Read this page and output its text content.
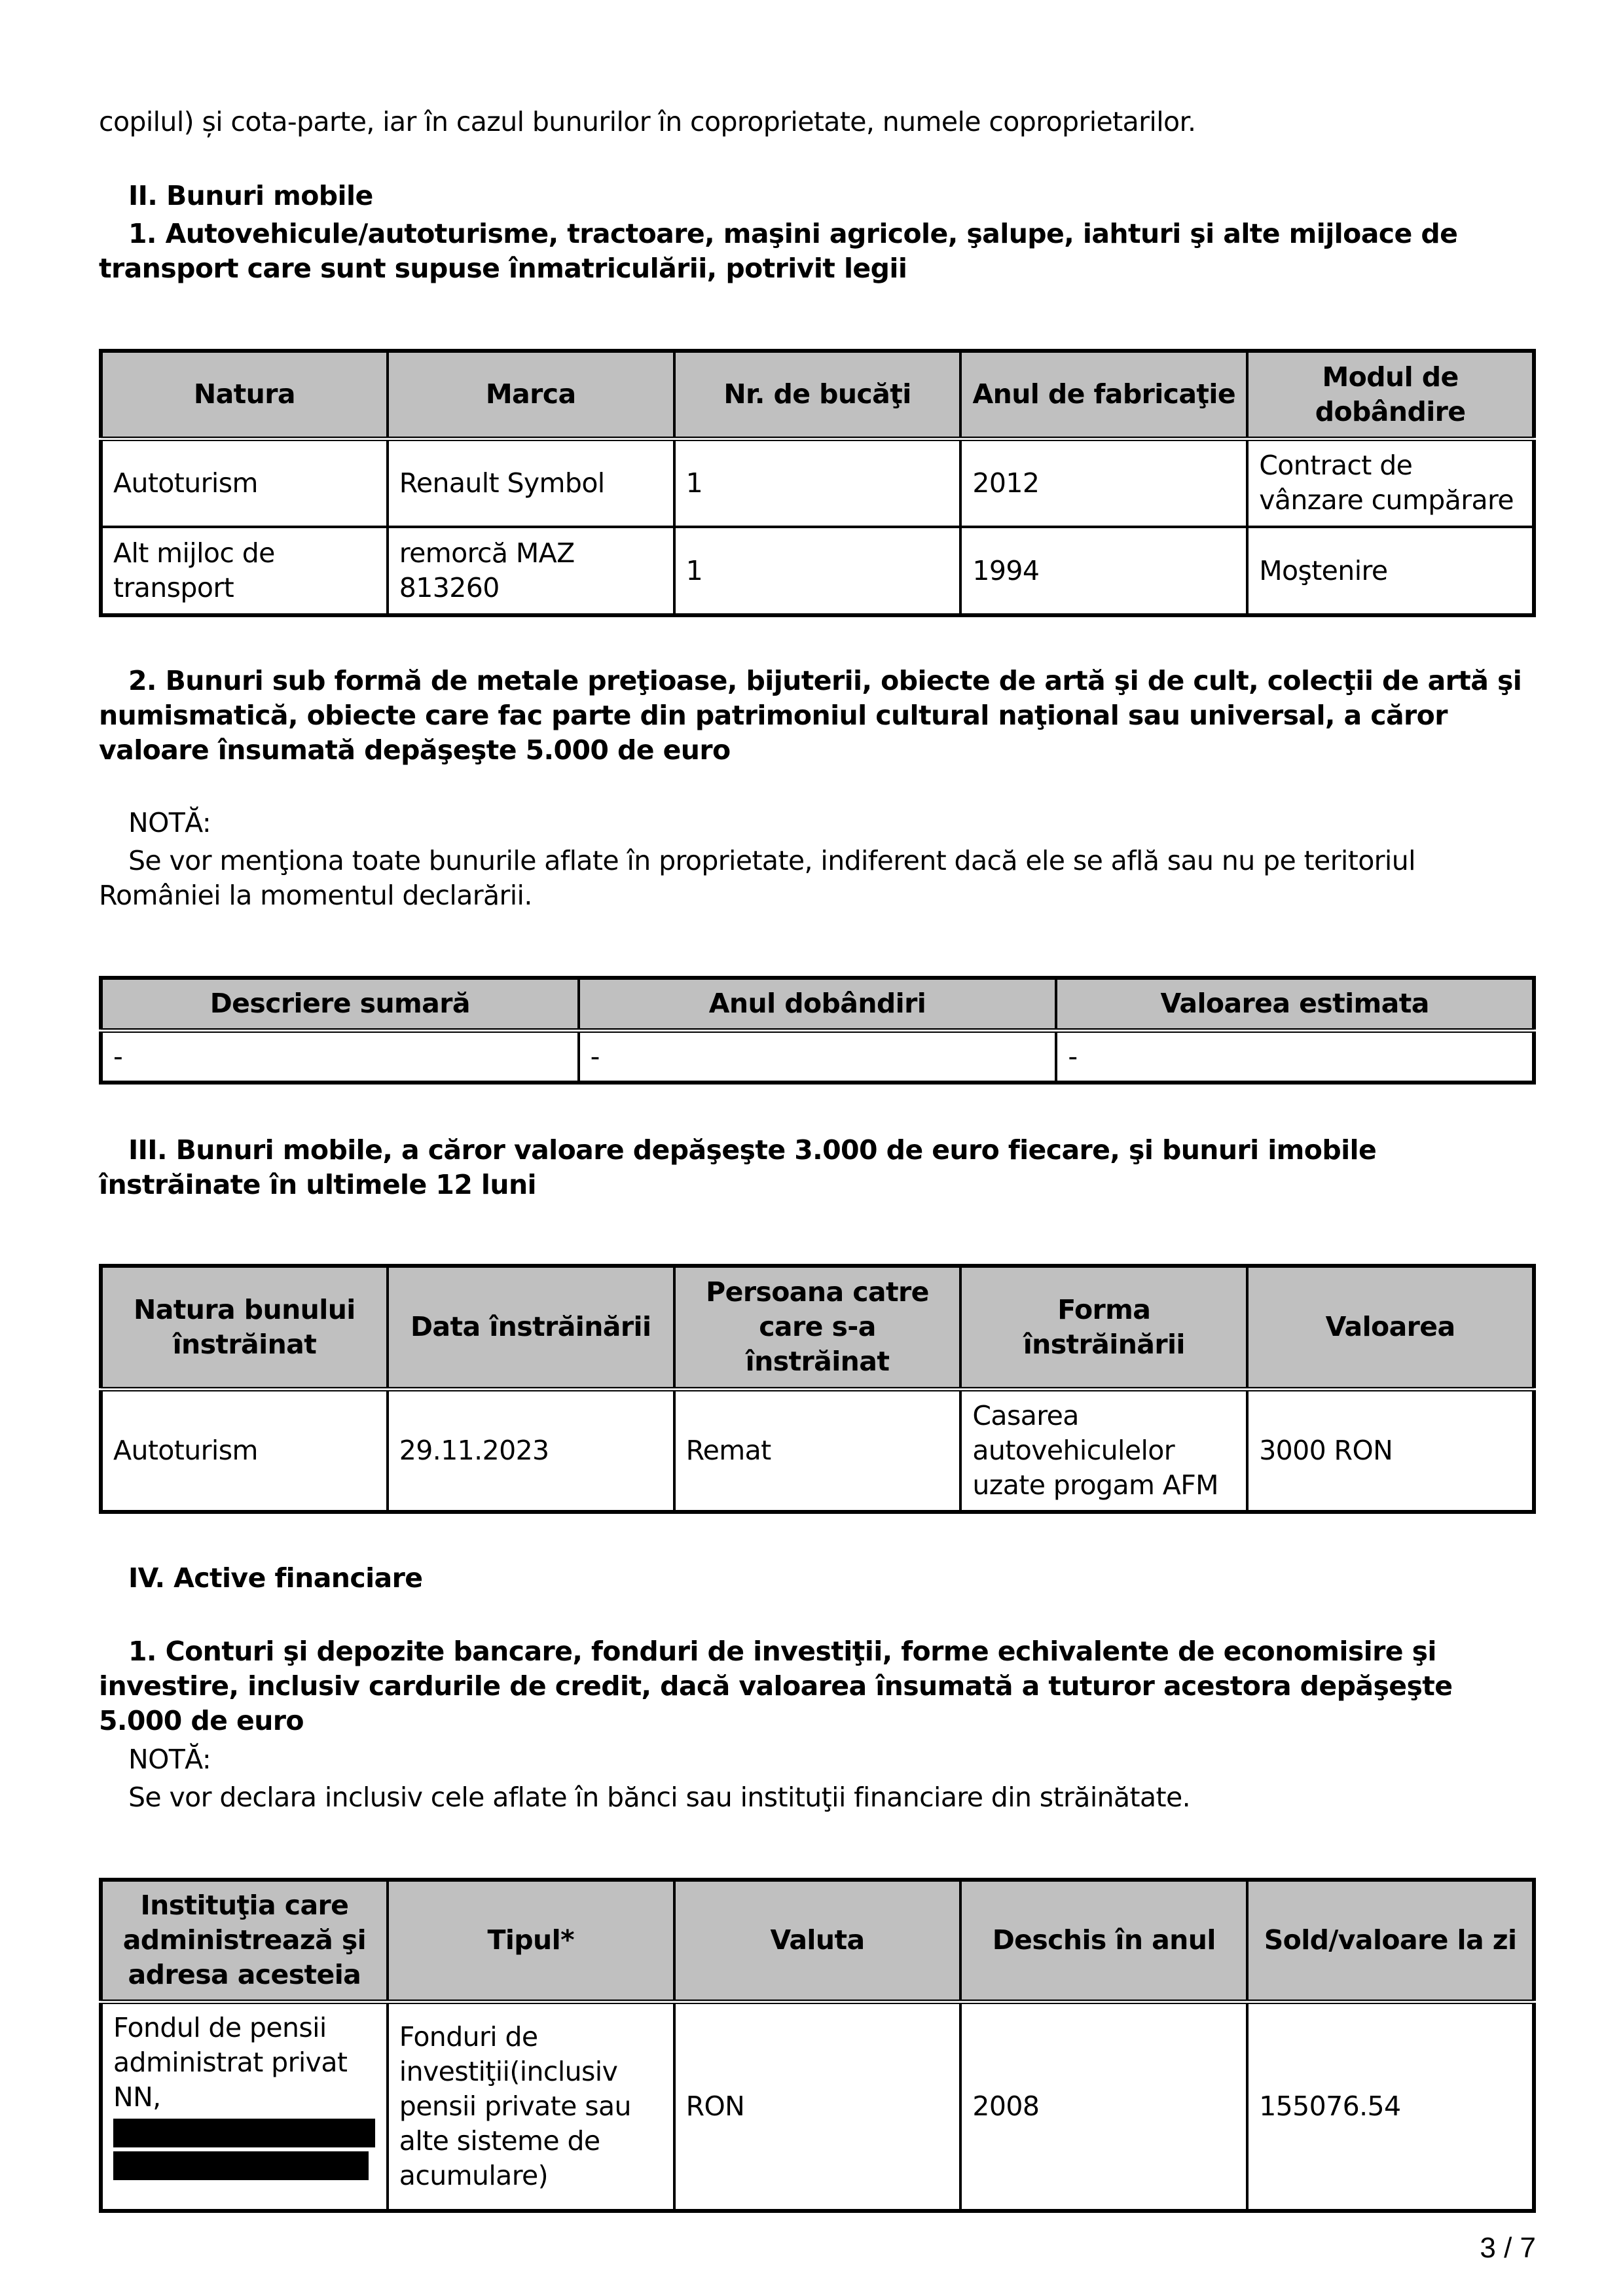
copilul) și cota-parte, iar în cazul bunurilor în coproprietate, numele coproprietarilor.
II. Bunuri mobile
1. Autovehicule/autoturisme, tractoare, maşini agricole, şalupe, iahturi şi alte mijloace de transport care sunt supuse înmatriculării, potrivit legii
Natura	Marca	Nr. de bucăţi	Anul de fabricaţie	Modul de dobândire
Autoturism	Renault Symbol	1	2012	Contract de vânzare cumpărare
Alt mijloc de transport	remorcă MAZ 813260	1	1994	Moştenire
2. Bunuri sub formă de metale preţioase, bijuterii, obiecte de artă şi de cult, colecţii de artă şi numismatică, obiecte care fac parte din patrimoniul cultural naţional sau universal, a căror valoare însumată depăşeşte 5.000 de euro
NOTĂ:
Se vor menţiona toate bunurile aflate în proprietate, indiferent dacă ele se află sau nu pe teritoriul României la momentul declarării.
Descriere sumară	Anul dobândiri	Valoarea estimata
-	-	-
III. Bunuri mobile, a căror valoare depăşeşte 3.000 de euro fiecare, şi bunuri imobile înstrăinate în ultimele 12 luni
Natura bunului înstrăinat	Data înstrăinării	Persoana catre care s-a înstrăinat	Forma înstrăinării	Valoarea
Autoturism	29.11.2023	Remat	Casarea autovehiculelor uzate progam AFM	3000 RON
IV. Active financiare
1. Conturi şi depozite bancare, fonduri de investiţii, forme echivalente de economisire şi investire, inclusiv cardurile de credit, dacă valoarea însumată a tuturor acestora depăşeşte 5.000 de euro
NOTĂ:
Se vor declara inclusiv cele aflate în bănci sau instituţii financiare din străinătate.
Instituţia care administrează şi adresa acesteia	Tipul*	Valuta	Deschis în anul	Sold/valoare la zi
Fondul de pensii administrat privat NN,	Fonduri de investiţii(inclusiv pensii private sau alte sisteme de acumulare)	RON	2008	155076.54
3 / 7
